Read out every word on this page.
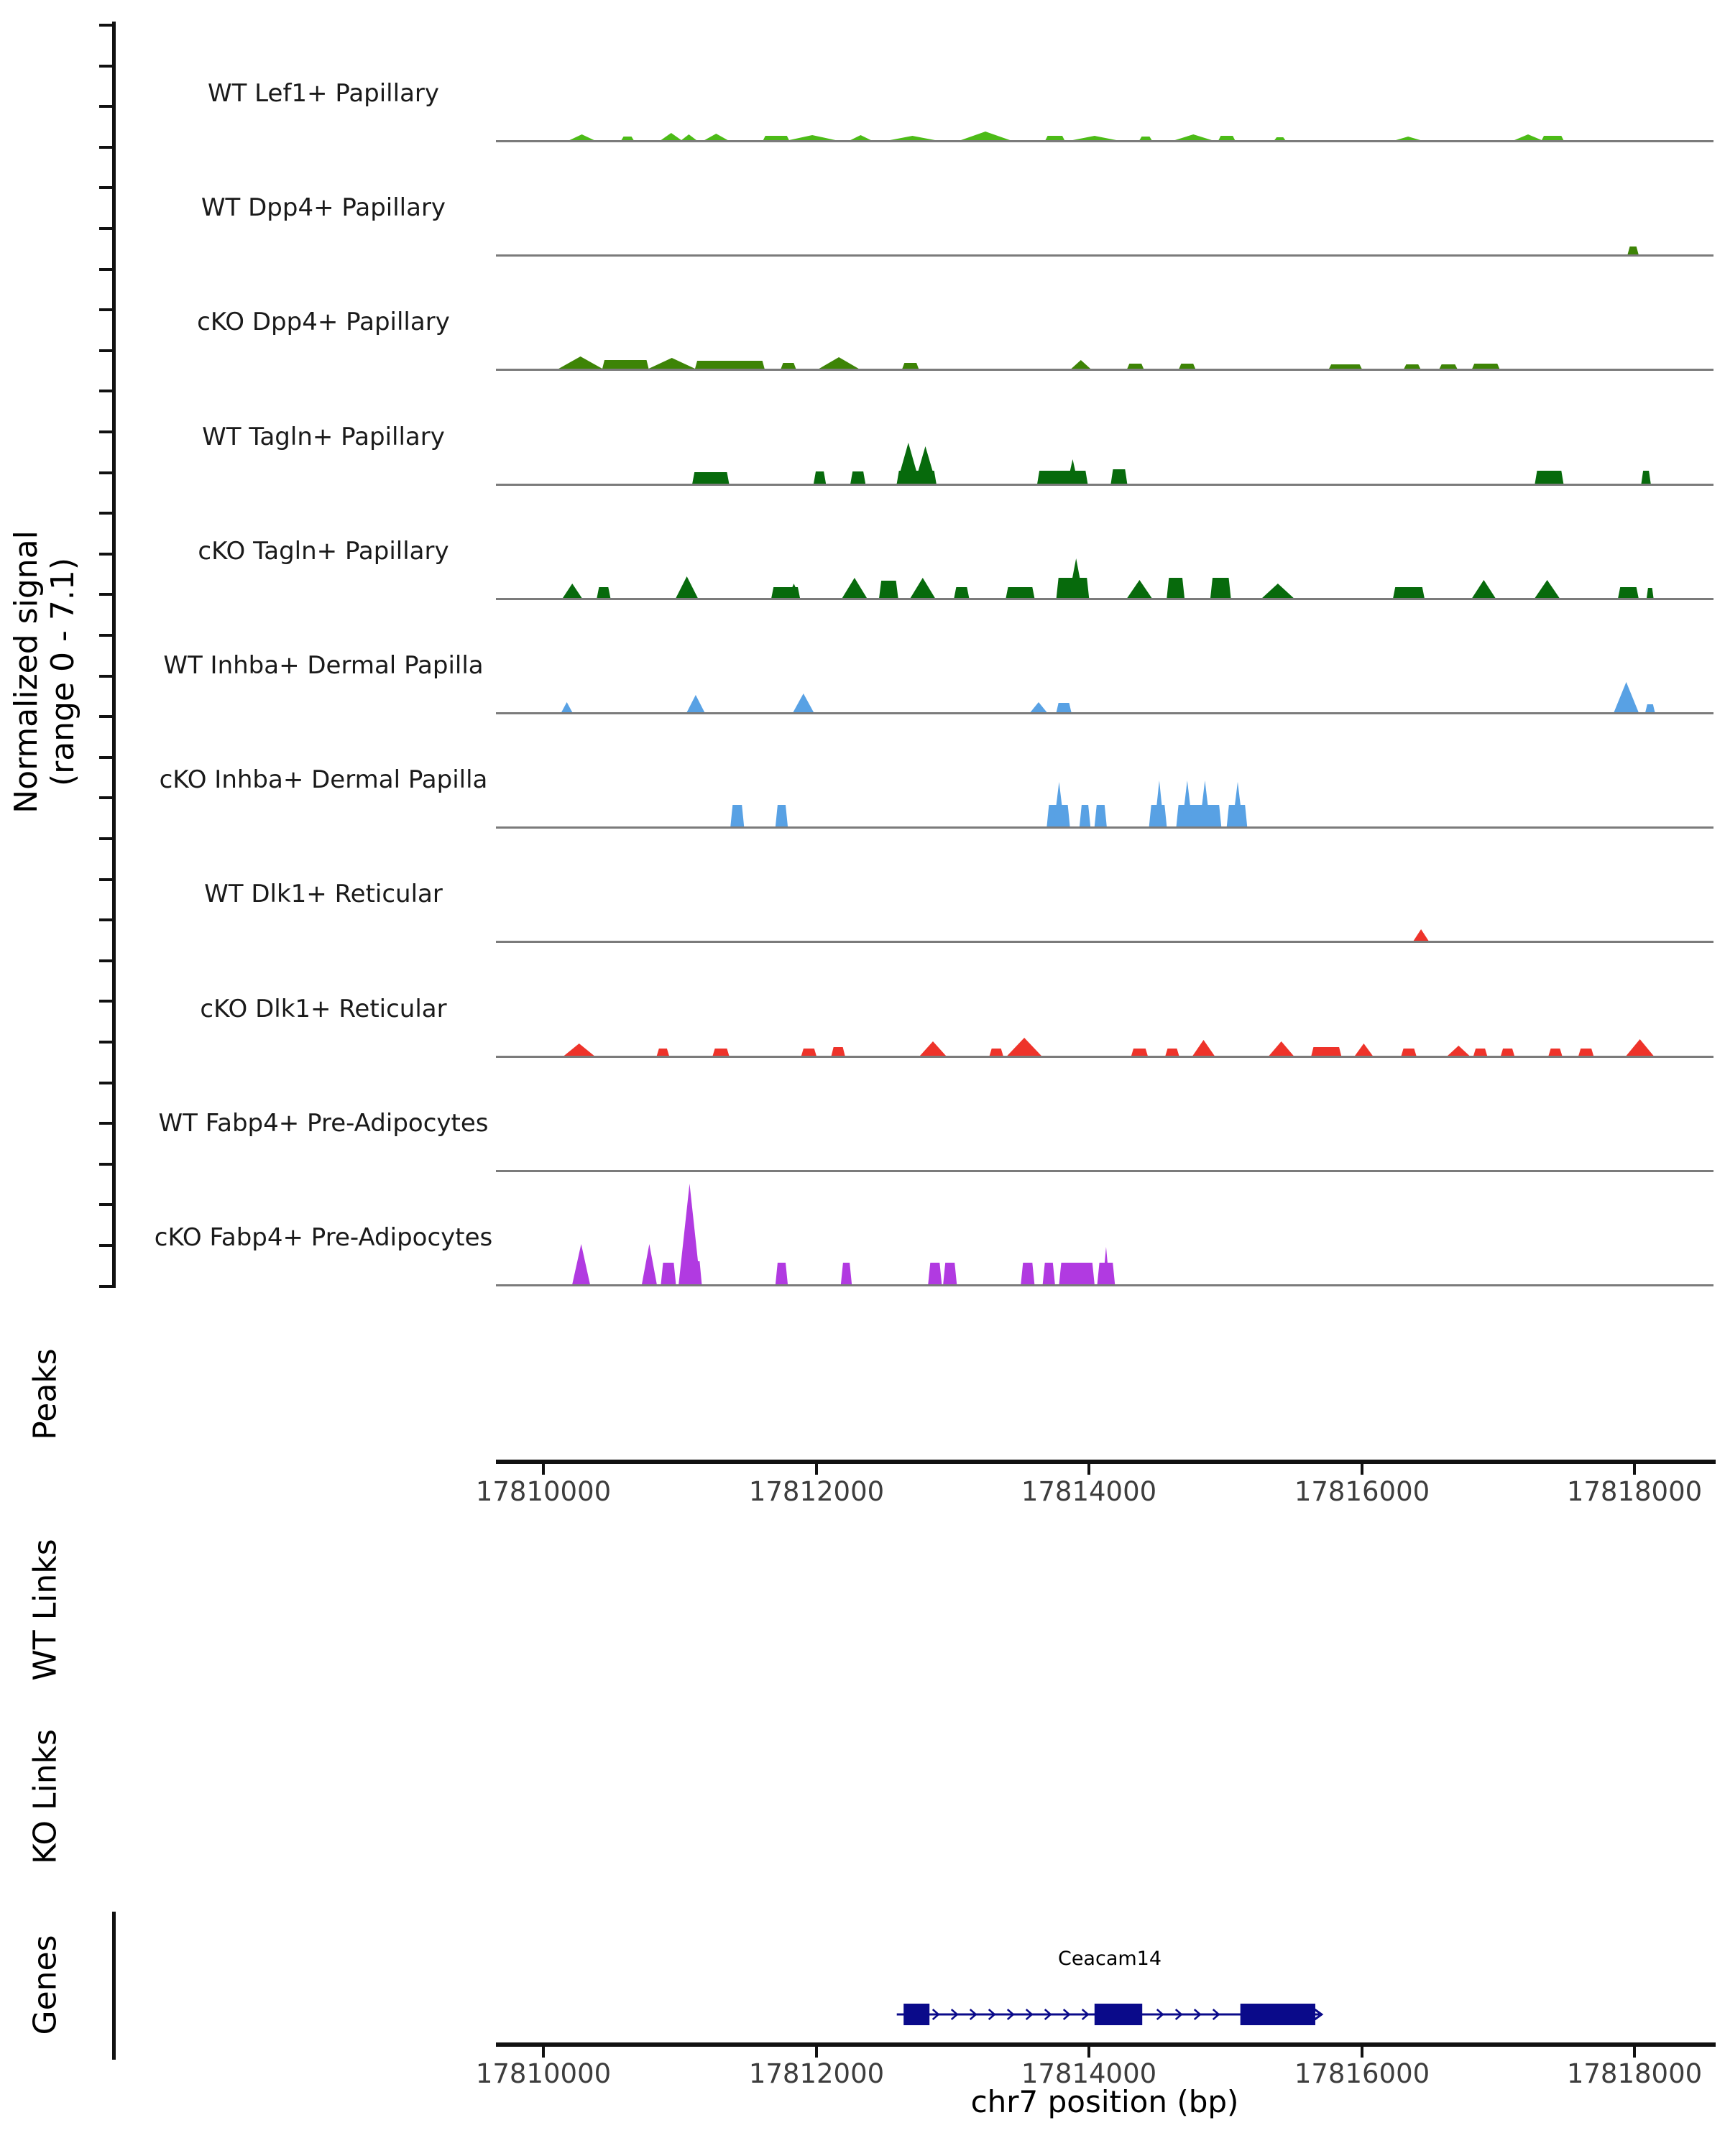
Normalized signal (range 0 - 7.1)
WT Lef1+ Papillary
WT Dpp4+ Papillary
cKO Dpp4+ Papillary
WT Tagln+ Papillary
cKO Tagln+ Papillary
WT Inhba+ Dermal Papilla
cKO Inhba+ Dermal Papilla
WT Dlk1+ Reticular
cKO Dlk1+ Reticular
WT Fabp4+ Pre-Adipocytes
cKO Fabp4+ Pre-Adipocytes
Peaks
WT Links
KO Links
Genes
17810000	17812000	17814000	17816000	17818000
Ceacam14
17810000	17812000	17814000	17816000	17818000
chr7 position (bp)
